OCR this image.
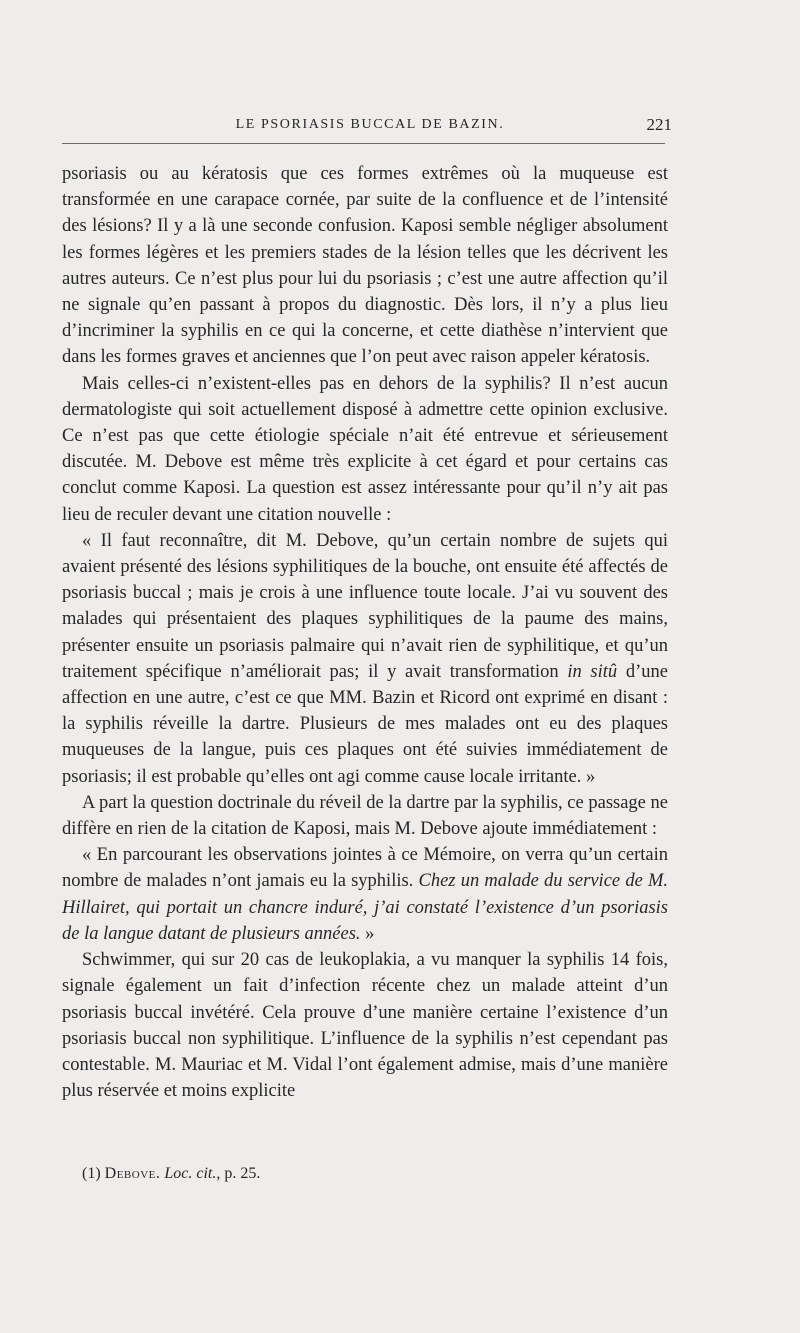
LE PSORIASIS BUCCAL DE BAZIN.	221

psoriasis ou au kératosis que ces formes extrêmes où la muqueuse est transformée en une carapace cornée, par suite de la confluence et de l’intensité des lésions? Il y a là une seconde confusion. Kaposi semble négliger absolument les formes légères et les premiers stades de la lésion telles que les décrivent les autres auteurs. Ce n’est plus pour lui du psoriasis ; c’est une autre affection qu’il ne signale qu’en passant à propos du diagnostic. Dès lors, il n’y a plus lieu d’incriminer la syphilis en ce qui la concerne, et cette diathèse n’intervient que dans les formes graves et anciennes que l’on peut avec raison appeler kératosis.

Mais celles-ci n’existent-elles pas en dehors de la syphilis? Il n’est aucun dermatologiste qui soit actuellement disposé à admettre cette opinion exclusive. Ce n’est pas que cette étiologie spéciale n’ait été entrevue et sérieusement discutée. M. Debove est même très explicite à cet égard et pour certains cas conclut comme Kaposi. La question est assez intéressante pour qu’il n’y ait pas lieu de reculer devant une citation nouvelle :

« Il faut reconnaître, dit M. Debove, qu’un certain nombre de sujets qui avaient présenté des lésions syphilitiques de la bouche, ont ensuite été affectés de psoriasis buccal ; mais je crois à une influence toute locale. J’ai vu souvent des malades qui présentaient des plaques syphilitiques de la paume des mains, présenter ensuite un psoriasis palmaire qui n’avait rien de syphilitique, et qu’un traitement spécifique n’améliorait pas; il y avait transformation in sitû d’une affection en une autre, c’est ce que MM. Bazin et Ricord ont exprimé en disant : la syphilis réveille la dartre. Plusieurs de mes malades ont eu des plaques muqueuses de la langue, puis ces plaques ont été suivies immédiatement de psoriasis; il est probable qu’elles ont agi comme cause locale irritante. »

A part la question doctrinale du réveil de la dartre par la syphilis, ce passage ne diffère en rien de la citation de Kaposi, mais M. Debove ajoute immédiatement :

« En parcourant les observations jointes à ce Mémoire, on verra qu’un certain nombre de malades n’ont jamais eu la syphilis. Chez un malade du service de M. Hillairet, qui portait un chancre induré, j’ai constaté l’existence d’un psoriasis de la langue datant de plusieurs années. »

Schwimmer, qui sur 20 cas de leukoplakia, a vu manquer la syphilis 14 fois, signale également un fait d’infection récente chez un malade atteint d’un psoriasis buccal invétéré. Cela prouve d’une manière certaine l’existence d’un psoriasis buccal non syphilitique. L’influence de la syphilis n’est cependant pas contestable. M. Mauriac et M. Vidal l’ont également admise, mais d’une manière plus réservée et moins explicite

(1) Debove. Loc. cit., p. 25.
